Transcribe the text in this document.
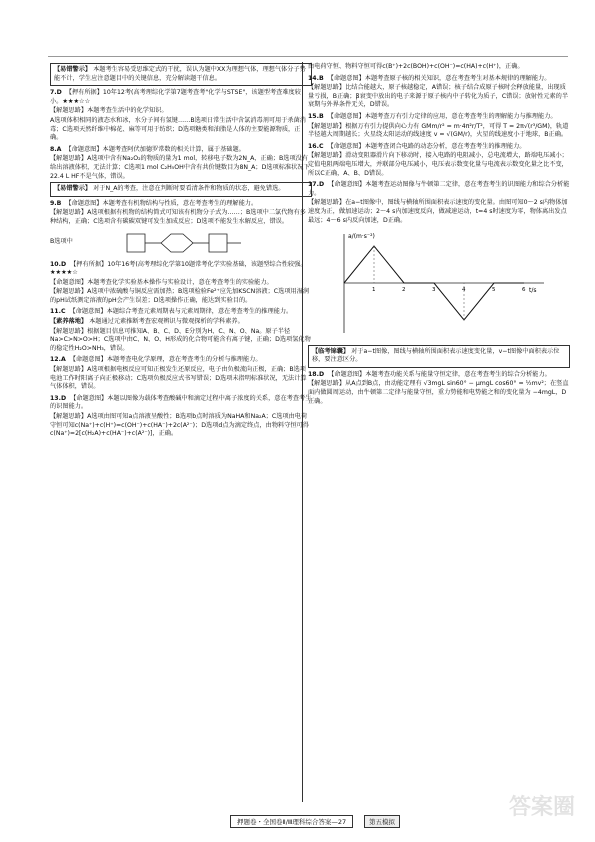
【易错警示】 本题考生容易受思维定式的干扰，误认为题中XX为理想气体，理想气体分子势能不计，学生应注意题目中的关键信息，充分解读题干信息。
7.D 【押有所据】10年12考(高考理综化学第7题考查考"化学与STSE"，该题型考查难度较小。★★★☆☆
【解题思路】本题考查生活中的化学知识。
A选项体积相同的液态水和冰，水分子间有氢键……B选项日常生活中含氯消毒剂可用于杀菌消毒；C选项天然纤维中棉花、麻等可用于纺织；D选项糖类和油脂是人体的主要能源物质，正确。
8.A 【命题意图】本题考查阿伏加德罗常数的相关计算，属于基础题。
【解题思路】A选项中含有Na₂O₂的物质的量为1 mol，转移电子数为2N_A，正确；B选项没有给出溶液体积，无法计算；C选项1 mol C₂H₅OH中含有共价键数目为8N_A；D选项标准状况下22.4 L HF不是气体，错误。
【易错警示】 对于N_A的考查，注意在判断时要看清条件和物质的状态，避免错选。
9.B 【命题意图】本题考查有机物结构与性质，意在考查考生的理解能力。
【解题思路】A选项根据有机物的结构简式可知该有机物分子式为……；B选项中二氯代物有多种结构，正确；C选项含有碳碳双键可发生加成反应；D选项不能发生水解反应，错误。
B选项中
10.D 【押有所据】10年16考(高考理综化学第10题常考化学实验基础，该题型综合性较强。★★★★☆
【命题意图】本题考查化学实验基本操作与实验设计，意在考查考生的实验能力。
【解题思路】A选项中浓硫酸与铜反应需加热；B选项检验Fe²⁺应先加KSCN溶液；C选项用湿润的pH试纸测定溶液的pH会产生误差；D选项操作正确，能达到实验目的。
11.C 【命题意图】本题综合考查元素周期表与元素周期律，意在考查考生的推理能力。
【素养落地】 本题通过元素推断考查宏观辨识与微观探析的学科素养。
【解题思路】根据题目信息可推知A、B、C、D、E分别为H、C、N、O、Na。原子半径Na>C>N>O>H；C选项中由C、N、O、H形成的化合物可能含有离子键，正确；D选项氢化物的稳定性H₂O>NH₃，错误。
12.A 【命题意图】本题考查电化学原理，意在考查考生的分析与推理能力。
【解题思路】A选项根据电极反应可知正极发生还原反应，电子由负极流向正极，正确；B选项电池工作时阳离子向正极移动；C选项负极反应式书写错误；D选项未指明标准状况，无法计算气体体积，错误。
13.D 【命题意图】本题以图像为载体考查酸碱中和滴定过程中离子浓度的关系，意在考查考生的识图能力。
【解题思路】A选项由图可知a点溶液呈酸性；B选项b点时溶质为NaHA和Na₂A；C选项由电荷守恒可知c(Na⁺)+c(H⁺)=c(OH⁻)+c(HA⁻)+2c(A²⁻)；D选项d点为滴定终点，由物料守恒可得c(Na⁺)=2[c(H₂A)+c(HA⁻)+c(A²⁻)]，正确。
由电荷守恒、物料守恒可得c(B⁺)+2c(BOH)+c(OH⁻)=c(HA)+c(H⁺)，正确。
14.B 【命题意图】本题考查原子核的相关知识，意在考查考生对基本规律的理解能力。
【解题思路】比结合能越大，原子核越稳定，A错误；核子结合成原子核时会释放能量，出现质量亏损，B正确；β衰变中放出的电子来源于原子核内中子转化为质子，C错误；放射性元素的半衰期与外界条件无关，D错误。
15.B 【命题意图】本题考查万有引力定律的应用，意在考查考生的理解能力与推理能力。
【解题思路】根据万有引力提供向心力有 GMm/r² = m·4π²r/T²，可得 T = 2π√(r³/GM)，轨道半径越大周期越长；火星绕太阳运动的线速度 v = √(GM/r)，火星的线速度小于地球，B正确。
16.C 【命题意图】本题考查闭合电路的动态分析，意在考查考生的推理能力。
【解题思路】滑动变阻器滑片向下移动时，接入电路的电阻减小，总电流增大，路端电压减小；定值电阻两端电压增大，并联部分电压减小，电压表示数变化量与电流表示数变化量之比不变，所以C正确，A、B、D错误。
17.D 【命题意图】本题考查运动图像与牛顿第二定律，意在考查考生的识图能力和综合分析能力。
【解题思路】在a−t图像中，图线与横轴所围面积表示速度的变化量。由图可知0～2 s内物体加速度为正，做加速运动；2～4 s内加速度反向，做减速运动，t=4 s时速度为零，物体离出发点最远；4～6 s内反向加速，D正确。
a/(m·s⁻²)
t/s
1	2	3	4	5	6
【临考锦囊】 对于a−t图像，图线与横轴所围面积表示速度变化量，v−t图像中面积表示位移，要注意区分。
18.D 【命题意图】本题考查功能关系与能量守恒定律，意在考查考生的综合分析能力。
【解题思路】从A点到B点，由动能定理有 √3mgL sin60° − μmgL cos60° = ½mv²；在竖直面内做圆周运动，由牛顿第二定律与能量守恒，重力势能和电势能之和的变化量为 −4mgL，D正确。
押题卷・全国卷Ⅱ/Ⅲ理科综合答案—27	第五模拟
答案圈
